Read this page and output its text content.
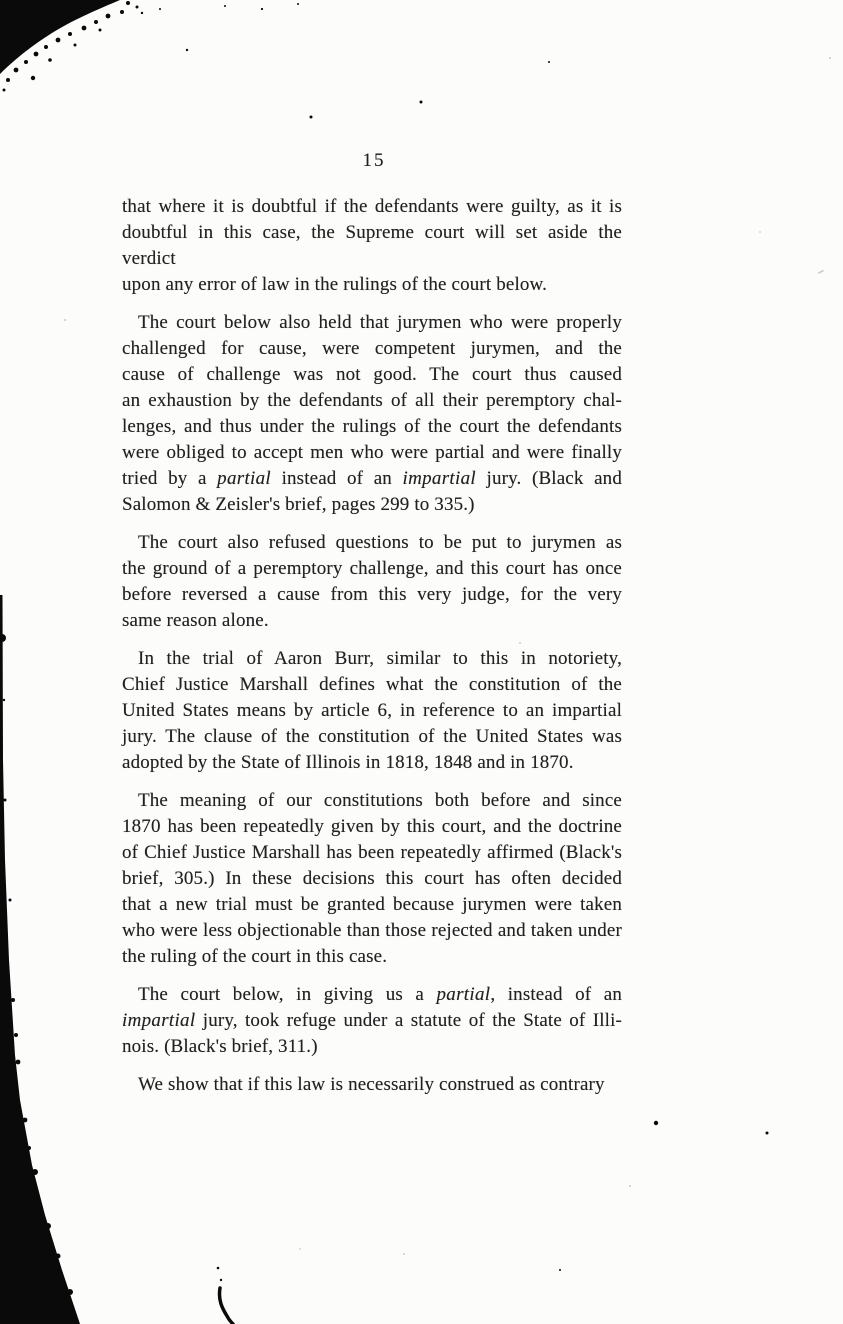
15
that where it is doubtful if the defendants were guilty, as it is
doubtful in this case, the Supreme court will set aside the verdict
upon any error of law in the rulings of the court below.
The court below also held that jurymen who were properly
challenged for cause, were competent jurymen, and the
cause of challenge was not good. The court thus caused
an exhaustion by the defendants of all their peremptory chal-
lenges, and thus under the rulings of the court the defendants
were obliged to accept men who were partial and were finally
tried by a partial instead of an impartial jury. (Black and
Salomon & Zeisler's brief, pages 299 to 335.)
The court also refused questions to be put to jurymen as
the ground of a peremptory challenge, and this court has once
before reversed a cause from this very judge, for the very
same reason alone.
In the trial of Aaron Burr, similar to this in notoriety,
Chief Justice Marshall defines what the constitution of the
United States means by article 6, in reference to an impartial
jury. The clause of the constitution of the United States was
adopted by the State of Illinois in 1818, 1848 and in 1870.
The meaning of our constitutions both before and since
1870 has been repeatedly given by this court, and the doctrine
of Chief Justice Marshall has been repeatedly affirmed (Black's
brief, 305.) In these decisions this court has often decided
that a new trial must be granted because jurymen were taken
who were less objectionable than those rejected and taken under
the ruling of the court in this case.
The court below, in giving us a partial, instead of an
impartial jury, took refuge under a statute of the State of Illi-
nois. (Black's brief, 311.)
We show that if this law is necessarily construed as contrary
